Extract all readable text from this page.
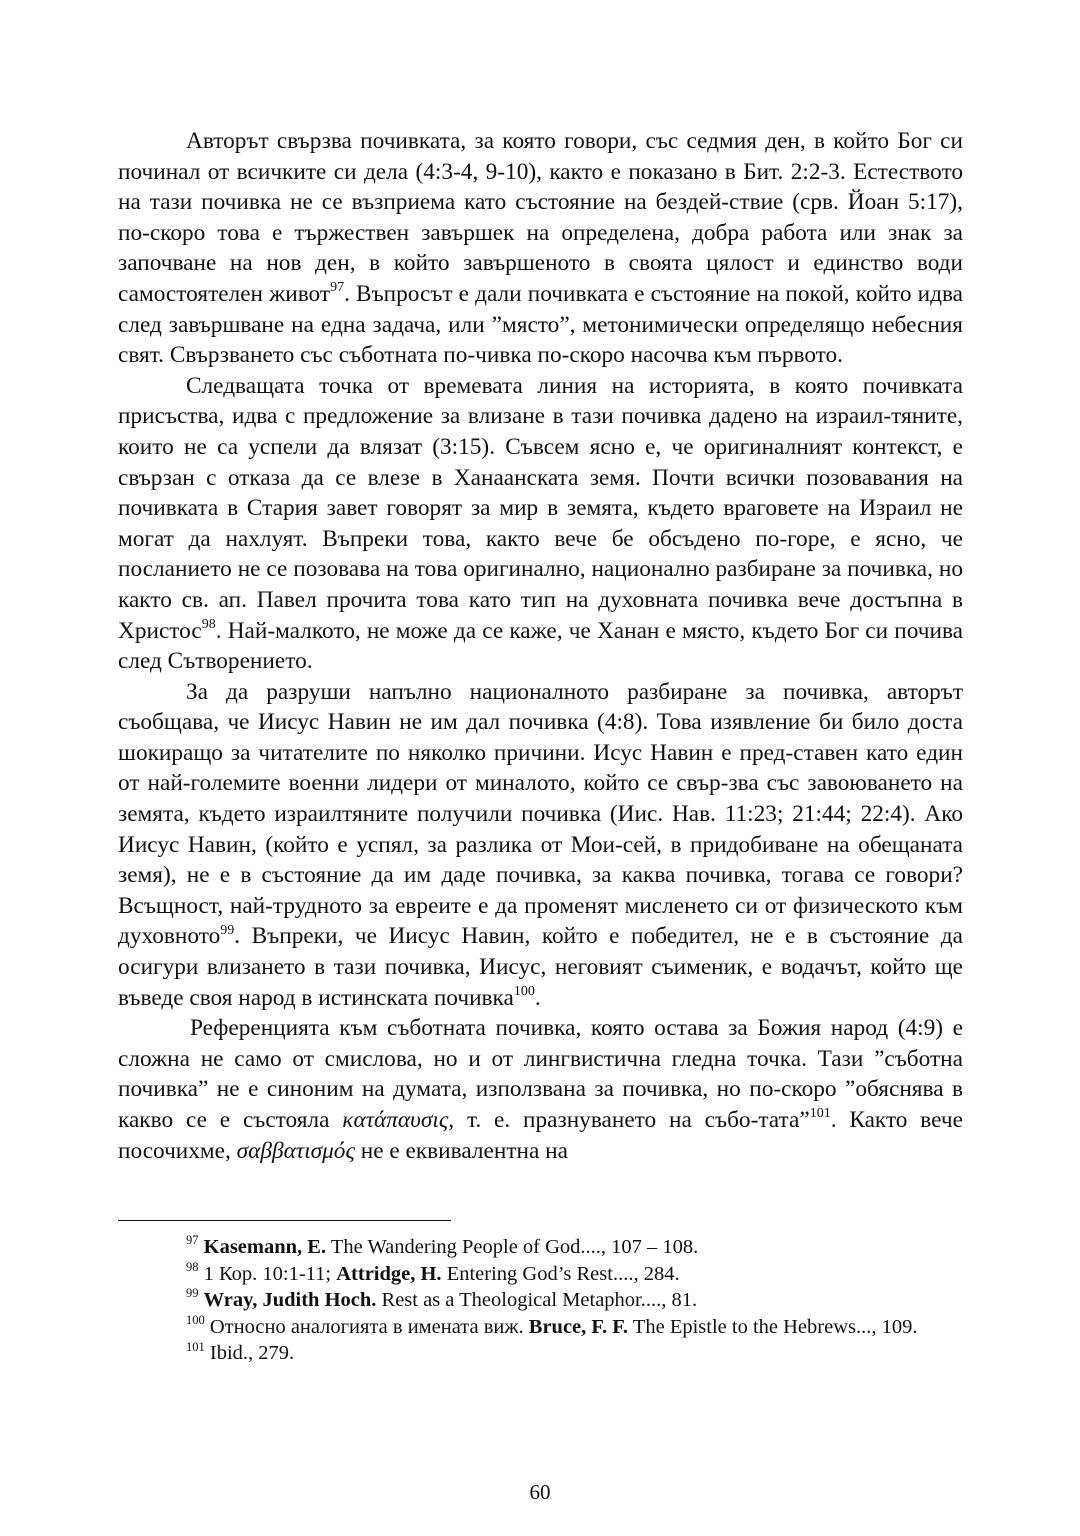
Авторът свързва почивката, за която говори, със седмия ден, в който Бог си починал от всичките си дела (4:3-4, 9-10), както е показано в Бит. 2:2-3. Естеството на тази почивка не се възприема като състояние на бездей-ствие (срв. Йоан 5:17), по-скоро това е тържествен завършек на определена, добра работа или знак за започване на нов ден, в който завършеното в своята цялост и единство води самостоятелен живот$^{97}$. Въпросът е дали почивката е състояние на покой, който идва след завършване на една задача, или ”място”, метонимически определящо небесния свят. Свързването със съботната по-чивка по-скоро насочва към първото.

Следващата точка от времевата линия на историята, в която почивката присъства, идва с предложение за влизане в тази почивка дадено на израил-тяните, които не са успели да влязат (3:15). Съвсем ясно е, че оригиналният контекст, е свързан с отказа да се влезе в Ханаанската земя. Почти всички позовавания на почивката в Стария завет говорят за мир в земята, където враговете на Израил не могат да нахлуят. Въпреки това, както вече бе обсъдено по-горе, е ясно, че посланието не се позовава на това оригинално, национално разбиране за почивка, но както св. ап. Павел прочита това като тип на духовната почивка вече достъпна в Христос$^{98}$. Най-малкото, не може да се каже, че Ханан е място, където Бог си почива след Сътворението.

За да разруши напълно националното разбиране за почивка, авторът съобщава, че Иисус Навин не им дал почивка (4:8). Това изявление би било доста шокиращо за читателите по няколко причини. Исус Навин е пред-ставен като един от най-големите военни лидери от миналото, който се свър-зва със завоюването на земята, където израилтяните получили почивка (Иис. Нав. 11:23; 21:44; 22:4). Ако Иисус Навин, (който е успял, за разлика от Мои-сей, в придобиване на обещаната земя), не е в състояние да им даде почивка, за каква почивка, тогава се говори? Всъщност, най-трудното за евреите е да променят мисленето си от физическото към духовното$^{99}$. Въпреки, че Иисус Навин, който е победител, не е в състояние да осигури влизането в тази почивка, Иисус, неговият съименик, е водачът, който ще въведе своя народ в истинската почивка$^{100}$.

Референцията към съботната почивка, която остава за Божия народ (4:9) е сложна не само от смислова, но и от лингвистична гледна точка. Тази ”съботна почивка” не е синоним на думата, използвана за почивка, но по-скоро ”обяснява в какво се е състояла κατάπαυσις, т. е. празнуването на събо-тата”$^{101}$. Както вече посочихме, σαββατισμός не е еквивалентна на

$^{97}$ Kasemann, E. The Wandering People of God...., 107 – 108.

$^{98}$ 1 Кор. 10:1-11; Attridge, H. Entering God’s Rest...., 284.

$^{99}$ Wray, Judith Hoch. Rest as a Theological Metaphor...., 81.

$^{100}$ Относно аналогията в имената виж. Bruce, F. F. The Epistle to the Hebrews..., 109.

$^{101}$ Ibid., 279.

60
